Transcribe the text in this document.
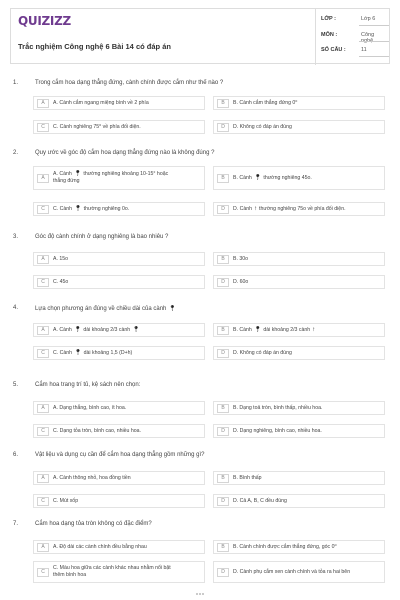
QUIZIZZ
Trắc nghiệm Công nghệ 6 Bài 14 có đáp án
LỚP :	Lớp 6
MÔN :	Công
SỐ CÂU :	11
1.	Trong cắm hoa dạng thẳng đứng, cành chính được cắm như thế nào ?
A	A. Cành cắm ngang miệng bình về 2 phía	B	B. Cành cắm thẳng đứng 0⁰
C	C. Cành nghiêng 75⁰ về phía đối diện.	D	D. Không có đáp án đúng
2.	Quy ước về góc độ cắm hoa dạng thẳng đứng nào là không đúng ?
A
A. Cành 📍︎ thường nghiêng khoảng 10-15° hoặc
thẳng đứng	B	B. Cành 📍︎ thường nghiêng 45o.
C	C. Cành 📍︎ thường nghiêng 0o.	D	D. Cành ↑ thường nghiêng 75o về phía đối diện.
3.	Góc độ cành chính ở dạng nghiêng là bao nhiêu ?
A	A. 15o	B	B. 30o
C	C. 45o	D	D. 60o
4.	Lựa chọn phương án đúng về chiều dài của cành 📍︎
A	A. Cành 📍︎ dài khoảng 2/3 cành 📍︎	B	B. Cành 📍︎ dài khoảng 2/3 cành ↑
C	C. Cành 📍︎ dài khoảng 1,5 (D+h)	D	D. Không có đáp án đúng
5.	Cắm hoa trang trí tủ, kệ sách nên chọn:
A	A. Dạng thẳng, bình cao, ít hoa.	B	B. Dạng toả tròn, bình thấp, nhiều hoa.
C	C. Dạng tỏa tròn, bình cao, nhiều hoa.	D	D. Dạng nghiêng, bình cao, nhiều hoa.
6.	Vật liệu và dụng cụ cần để cắm hoa dạng thẳng gồm những gì?
A	A. Cành thông nhỏ, hoa đồng tiền	B	B. Bình thấp
C	C. Mút xốp	D	D. Cả A, B, C đều đúng
7.	Cắm hoa dạng tỏa tròn không có đặc điểm?
A	A. Độ dài các cành chính đều bằng nhau	B	B. Cành chính được cắm thẳng đứng, góc 0⁰
C
C. Màu hoa giữa các cành khác nhau nhằm nổi bật
thêm bình hoa	D	D. Cành phụ cắm xen cành chính và tỏa ra hai bên
